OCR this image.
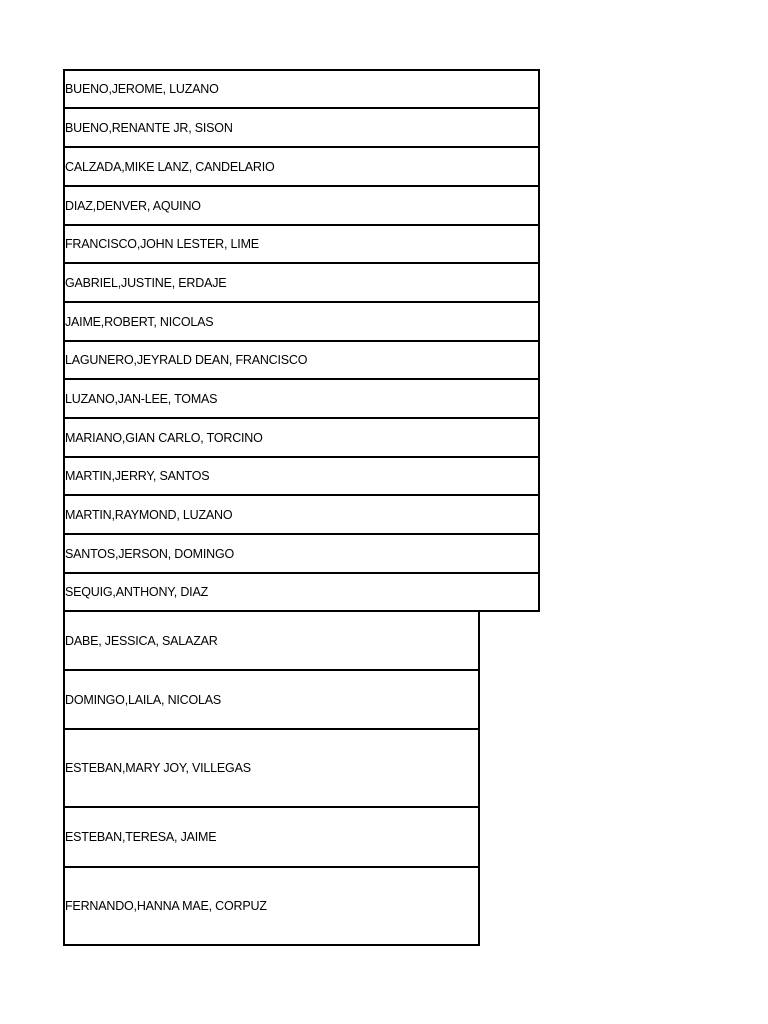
BUENO,JEROME, LUZANO
BUENO,RENANTE JR, SISON
CALZADA,MIKE LANZ, CANDELARIO
DIAZ,DENVER, AQUINO
FRANCISCO,JOHN LESTER, LIME
GABRIEL,JUSTINE, ERDAJE
JAIME,ROBERT, NICOLAS
LAGUNERO,JEYRALD DEAN, FRANCISCO
LUZANO,JAN-LEE, TOMAS
MARIANO,GIAN CARLO, TORCINO
MARTIN,JERRY, SANTOS
MARTIN,RAYMOND, LUZANO
SANTOS,JERSON, DOMINGO
SEQUIG,ANTHONY, DIAZ
DABE, JESSICA, SALAZAR
DOMINGO,LAILA, NICOLAS
ESTEBAN,MARY JOY, VILLEGAS
ESTEBAN,TERESA, JAIME
FERNANDO,HANNA MAE, CORPUZ
